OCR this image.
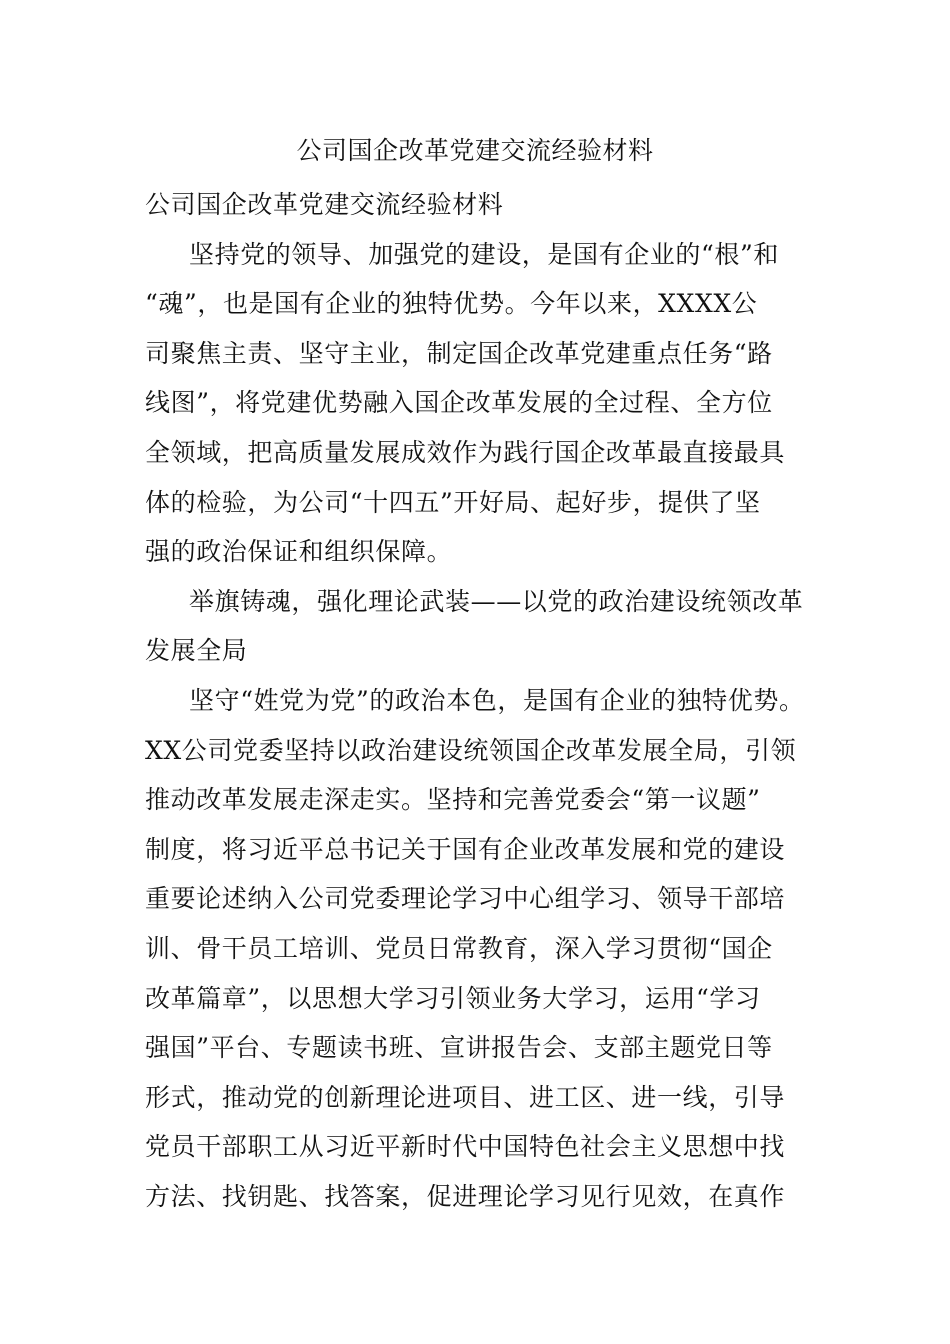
公司国企改革党建交流经验材料
公司国企改革党建交流经验材料
坚持党的领导、加强党的建设，是国有企业的“根”和
“魂”，也是国有企业的独特优势。今年以来，XXXX公
司聚焦主责、坚守主业，制定国企改革党建重点任务“路
线图”，将党建优势融入国企改革发展的全过程、全方位
全领域，把高质量发展成效作为践行国企改革最直接最具
体的检验，为公司“十四五”开好局、起好步，提供了坚
强的政治保证和组织保障。
举旗铸魂，强化理论武装——以党的政治建设统领改革
发展全局
坚守“姓党为党”的政治本色，是国有企业的独特优势。
XX公司党委坚持以政治建设统领国企改革发展全局，引领
推动改革发展走深走实。坚持和完善党委会“第一议题”
制度，将习近平总书记关于国有企业改革发展和党的建设
重要论述纳入公司党委理论学习中心组学习、领导干部培
训、骨干员工培训、党员日常教育，深入学习贯彻“国企
改革篇章”，以思想大学习引领业务大学习，运用“学习
强国”平台、专题读书班、宣讲报告会、支部主题党日等
形式，推动党的创新理论进项目、进工区、进一线，引导
党员干部职工从习近平新时代中国特色社会主义思想中找
方法、找钥匙、找答案，促进理论学习见行见效，在真作
